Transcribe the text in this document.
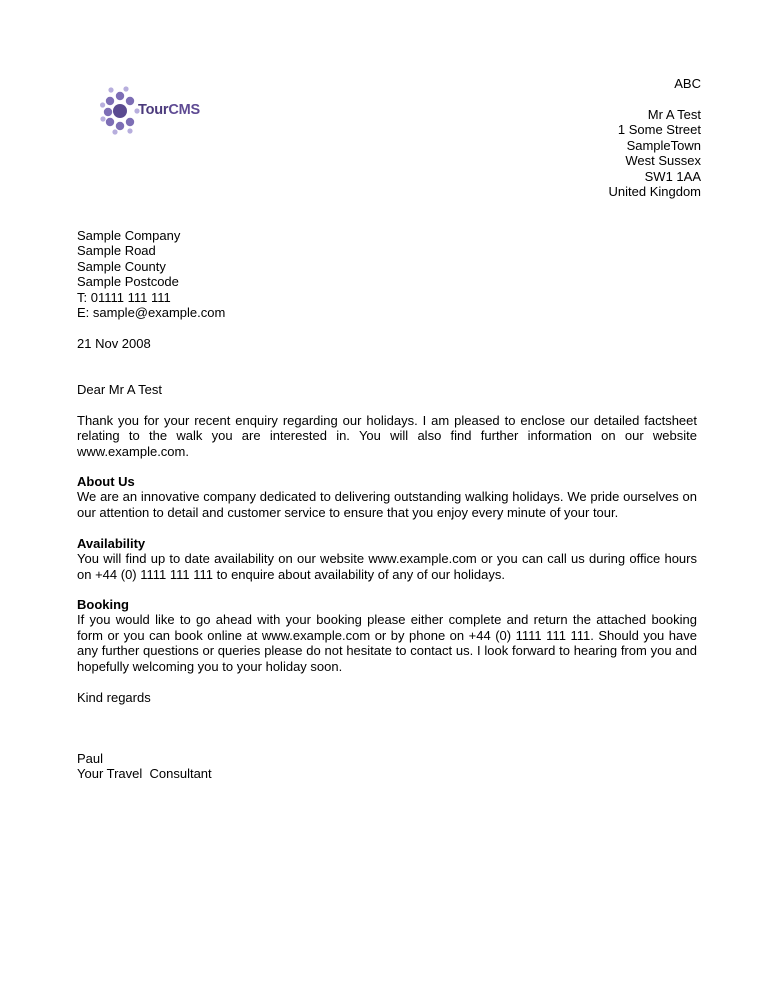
TourCMS
ABC
Mr A Test
1 Some Street
SampleTown
West Sussex
SW1 1AA
United Kingdom
Sample Company
Sample Road
Sample County
Sample Postcode
T: 01111 111 111
E: sample@example.com
21 Nov 2008
Dear Mr A Test
Thank you for your recent enquiry regarding our holidays. I am pleased to enclose our detailed factsheet relating to the walk you are interested in. You will also find further information on our website www.example.com.
About Us
We are an innovative company dedicated to delivering outstanding walking holidays. We pride ourselves on our attention to detail and customer service to ensure that you enjoy every minute of your tour.
Availability
You will find up to date availability on our website www.example.com or you can call us during office hours on +44 (0) 1111 111 111 to enquire about availability of any of our holidays.
Booking
If you would like to go ahead with your booking please either complete and return the attached booking form or you can book online at www.example.com or by phone on +44 (0) 1111 111 111. Should you have any further questions or queries please do not hesitate to contact us. I look forward to hearing from you and hopefully welcoming you to your holiday soon.
Kind regards
Paul
Your Travel  Consultant
